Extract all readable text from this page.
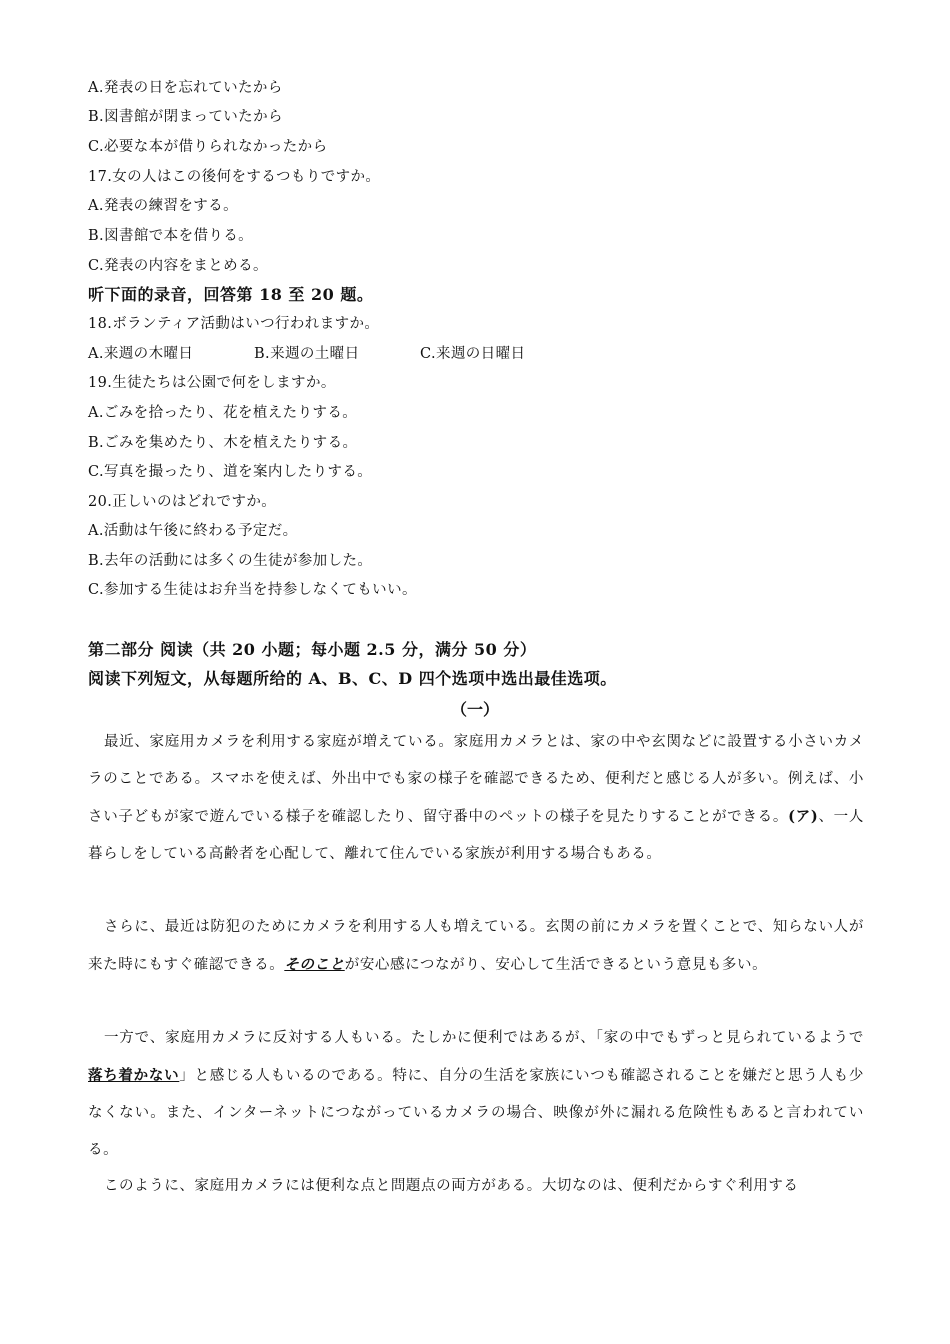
A.発表の日を忘れていたから
B.図書館が閉まっていたから
C.必要な本が借りられなかったから
17.女の人はこの後何をするつもりですか。
A.発表の練習をする。
B.図書館で本を借りる。
C.発表の内容をまとめる。
听下面的录音，回答第 18 至 20 题。
18.ボランティア活動はいつ行われますか。
A.来週の木曜日	B.来週の土曜日	C.来週の日曜日
19.生徒たちは公園で何をしますか。
A.ごみを拾ったり、花を植えたりする。
B.ごみを集めたり、木を植えたりする。
C.写真を撮ったり、道を案内したりする。
20.正しいのはどれですか。
A.活動は午後に終わる予定だ。
B.去年の活動には多くの生徒が参加した。
C.参加する生徒はお弁当を持参しなくてもいい。
第二部分 阅读（共 20 小题；每小题 2.5 分，满分 50 分）
阅读下列短文，从每题所给的 A、B、C、D 四个选项中选出最佳选项。
（一）

最近、家庭用カメラを利用する家庭が増えている。家庭用カメラとは、家の中や玄関などに設置する小さいカメラのことである。スマホを使えば、外出中でも家の様子を確認できるため、便利だと感じる人が多い。例えば、小さい子どもが家で遊んでいる様子を確認したり、留守番中のペットの様子を見たりすることができる。(ア)、一人暮らしをしている高齢者を心配して、離れて住んでいる家族が利用する場合もある。

さらに、最近は防犯のためにカメラを利用する人も増えている。玄関の前にカメラを置くことで、知らない人が来た時にもすぐ確認できる。そのことが安心感につながり、安心して生活できるという意見も多い。

一方で、家庭用カメラに反対する人もいる。たしかに便利ではあるが、「家の中でもずっと見られているようで落ち着かない」と感じる人もいるのである。特に、自分の生活を家族にいつも確認されることを嫌だと思う人も少なくない。また、インターネットにつながっているカメラの場合、映像が外に漏れる危険性もあると言われている。

このように、家庭用カメラには便利な点と問題点の両方がある。大切なのは、便利だからすぐ利用する
